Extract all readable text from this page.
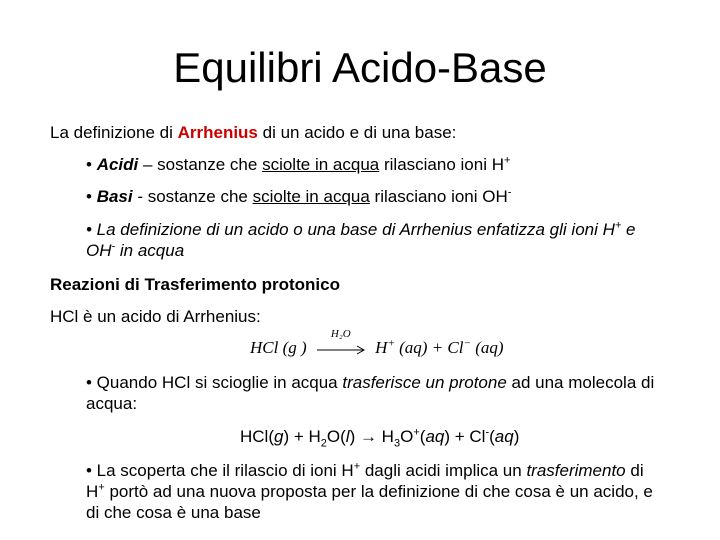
Equilibri Acido-Base
La definizione di Arrhenius di un acido e di una base:
• Acidi – sostanze che sciolte in acqua rilasciano ioni H+
• Basi - sostanze che sciolte in acqua rilasciano ioni OH-
• La definizione di un acido o una base di Arrhenius enfatizza gli ioni H+ e
OH- in acqua
Reazioni di Trasferimento protonico
HCl è un acido di Arrhenius:
HCl (g )
H₂O
H+ (aq) + Cl− (aq)
• Quando HCl si scioglie in acqua trasferisce un protone ad una molecola di
acqua:
$HCl(g) + H_2O(l) \to H_3O^+(aq) + Cl^-(aq)$
• La scoperta che il rilascio di ioni H+ dagli acidi implica un trasferimento di
H+ portò ad una nuova proposta per la definizione di che cosa è un acido, e
di che cosa è una base
